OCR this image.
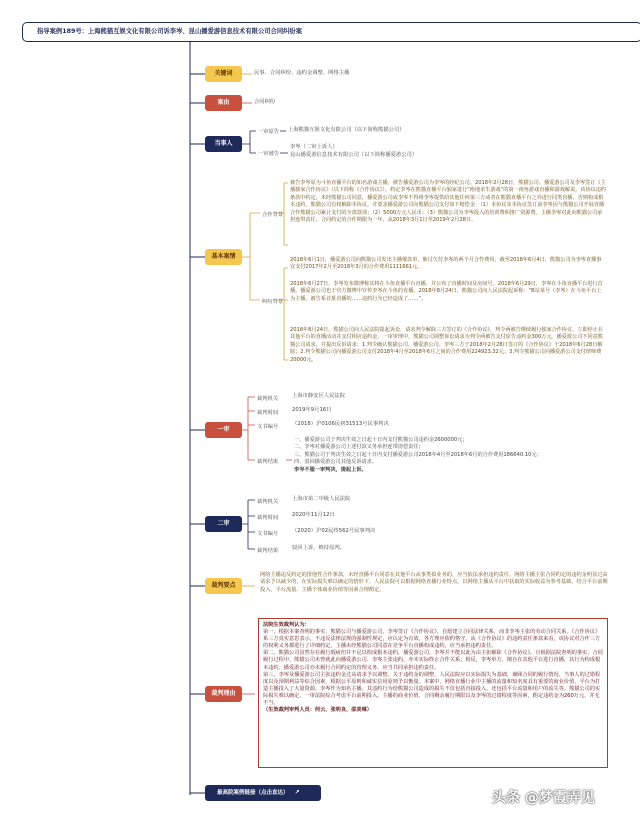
指导案例189号：上海熊猫互娱文化有限公司诉李岑、昆山播爱游信息技术有限公司合同纠纷案
关键词	民事、合同纠纷、违约金调整、网络主播
案由	合同纠纷
当事人
一审原告 上海熊猫互娱文化有限公司（以下简称熊猫公司）
一审被告
李岑（二审上诉人）
昆山播爱游信息技术有限公司（以下简称播爱游公司）
基本案情
合作背景
被告李岑原为斗鱼直播平台的知名游戏主播，被告播爱游公司为李岑的经纪公司。2018年2月28日，熊猫公司、播爱游公司及李岑签订《主播独家合作协议》（以下简称《合作协议》），约定李岑在熊猫直播平台独家进行“绝地求生游戏”的第一视角游戏直播和游戏解说。该协议违约条款中约定，未经熊猫公司同意，播爱游公司或李岑不得将李岑提供给其他任何第三方或者在熊猫直播平台之外进行同类直播，否则构成根本违约，熊猫公司有权解除本协议，并要求播爱游公司向熊猫公司支付如下赔偿金：（1）本协议及本协议签订前李岑因与熊猫公司开展直播合作熊猫公司累计支付的全部款项；（2）5000万元人民币；（3）熊猫公司为李岑投入的培训费和推广资源费。主播李岑对此向熊猫公司承担连带责任。合同约定的合作期限为一年，从2018年3月1日至2019年2月28日。
纠纷背景
2018年6月1日，播爱游公司向熊猫公司发出主播催款单，催讨欠付李岑的两个月合作费用，截至2018年6月4日，熊猫公司为李岑直播事宜支付2017年2月至2018年3月的合作费用1111661元。
2018年6月27日，李岑发布微博称其将在斗鱼直播平台直播，并公布了直播时间及房间号。2018年6月29日，李岑在斗鱼直播平台进行首播。播爱游公司也于官方微博中宣传李岑在斗鱼的直播。2018年8月24日，熊猫公司向人民法院起诉称：“B站某号（李岑）在斗鱼平台上为主播，被告系首批直播的……违约行为已经造成了……”。
2018年8月24日，熊猫公司向人民法院提起诉讼，请求判令解除三方签订的《合作协议》，判令两被告继续履行独家合作协议、立即停止在其他平台的直播活动并支付相应违约金。一审审理中，熊猫公司调整诉讼请求为判令两被告支付原告违约金300万元。播爱游公司不同意熊猫公司请求，并提出反诉请求：1.判令确认熊猫公司、播爱游公司、李岑三方于2018年2月28日签订的《合作协议》于2018年6月28日解除；2.判令熊猫公司向播爱游公司支付2018年4月至2018年6月之间的合作费用224923.32元；3.判令熊猫公司向播爱游公司支付律师费20000元。
一审
裁判机关	上海市静安区人民法院
裁判时间	2019年9月16日
文书编号	（2018）沪0106民初31513号民事判决
裁判结果
一、播爱游公司于判决生效之日起十日内支付熊猫公司违约金2600000元；
二、李岑对播爱游公司上述付款义务承担连带清偿责任；
三、熊猫公司于判决生效之日起十日内支付播爱游公司2018年4月至2018年6月的合作费用186640.10元；
四、驳回播爱游公司其他反诉请求。
李岑不服一审判决，提起上诉。
二审
裁判机关	上海市第二中级人民法院
裁判时间	2020年11月12日
文书编号	（2020）沪02民终562号民事判决
裁判结果	驳回上诉，维持原判。
裁判要点
网络主播违反约定的排他性合作条款，未经直播平台同意在其他平台从事类似业务的，应当依法承担违约责任。网络主播主张合同约定的违约金明显过高请求予以减少的，在实际损失难以确定的情形下，人民法院可以根据网络直播行业特点，以网络主播从平台中获取的实际收益为参考基础，结合平台前期投入、平台流量、主播个体商业价值等因素合理酌定。
裁判理由
法院生效裁判认为：
第一，根据本案查明的事实，熊猫公司与播爱游公司、李岑签订《合作协议》，自愿建立合同法律关系，而非李岑主张的劳动合同关系。《合作协议》系三方真实意思表示，不违反法律法规的强制性规定，应认定为有效。各方理应依约恪守。从《合作协议》的违约责任条款来看，该协议对合作三方的权利义务都进行了详细约定，主播未经熊猫公司同意在竞争平台直播构成违约，应当承担违约责任。
第二，熊猫公司虽然存在履行瑕疵但并不足以构成根本违约，播爱游公司、李岑并不能以此为由主张解除《合作协议》。且根据法院查明的事实，合同履行过程中，熊猫公司未曾就此向播爱游公司、李岑主张违约，亦未实际终止合作关系；相反，李岑单方、擅自在其他平台进行直播，其行为构成根本违约，播爱游公司亦未履行合同约定的管理义务，应当共同承担违约责任。
第三，李岑及播爱游公司主张违约金过高请求予以调整。关于违约金的调整，人民法院应以实际损失为基础，兼顾合同的履行情况、当事人的过错程度以及预期利益等综合因素，根据公平原则和诚实信用原则予以衡量。本案中，网络直播行业中主播的流量和知名度具有重要的商业价值，平台为打造主播投入了大量资源。李岑作为知名主播，其违约行为给熊猫公司造成的损失不仅包括直接投入，还包括平台流量和用户的流失等。熊猫公司的实际损失难以确定，一审法院综合考虑平台前期投入、主播的商业价值、合同剩余履行期限以及李岑的过错程度等因素，酌定违约金为260万元，并无不当。
（生效裁判审判人员：何云、张明良、邵美琳）
最高院案例链接（点击直达） ↗	头条 @梦霞弄见
